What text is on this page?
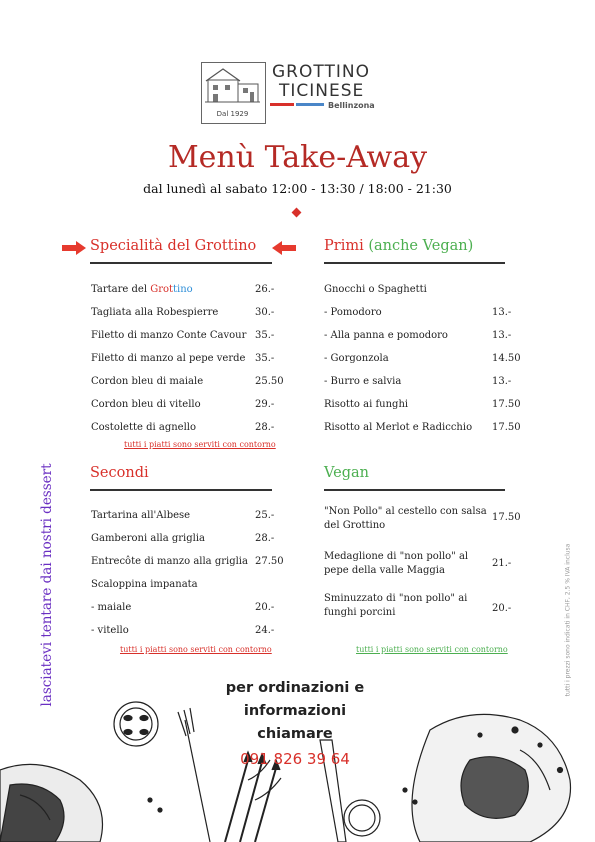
Dal 1929
GROTTINO
TICINESE
Bellinzona
Menù Take-Away
dal lunedì al sabato 12:00 - 13:30 / 18:00 - 21:30
Specialità del Grottino
Tartare del Grottino	26.-
Tagliata alla Robespierre	30.-
Filetto di manzo Conte Cavour 35.-
Filetto di manzo al pepe verde 35.-
Cordon bleu di maiale	25.50
Cordon bleu di vitello	29.-
Costolette di agnello	28.-
tutti i piatti sono serviti con contorno
Primi (anche Vegan)
Gnocchi o Spaghetti
- Pomodoro	13.-
- Alla panna e pomodoro	13.-
- Gorgonzola	14.50
- Burro e salvia	13.-
Risotto ai funghi	17.50
Risotto al Merlot e Radicchio 17.50
Secondi
Tartarina all'Albese	25.-
Gamberoni alla griglia	28.-
Entrecôte di manzo alla griglia 27.50
Scaloppina impanata
- maiale	20.-
- vitello	24.-
tutti i piatti sono serviti con contorno
Vegan
"Non Pollo" al cestello con salsa
del Grottino
17.50
Medaglione di "non pollo" al
pepe della valle Maggia
21.-
Sminuzzato di "non pollo" ai
funghi porcini	20.-
tutti i piatti sono serviti con contorno
lasciatevi tentare dai nostri dessert	tutti i prezzi sono indicati in CHF, 2.5 % IVA inclusa
per ordinazioni e
informazioni
chiamare
091 826 39 64
